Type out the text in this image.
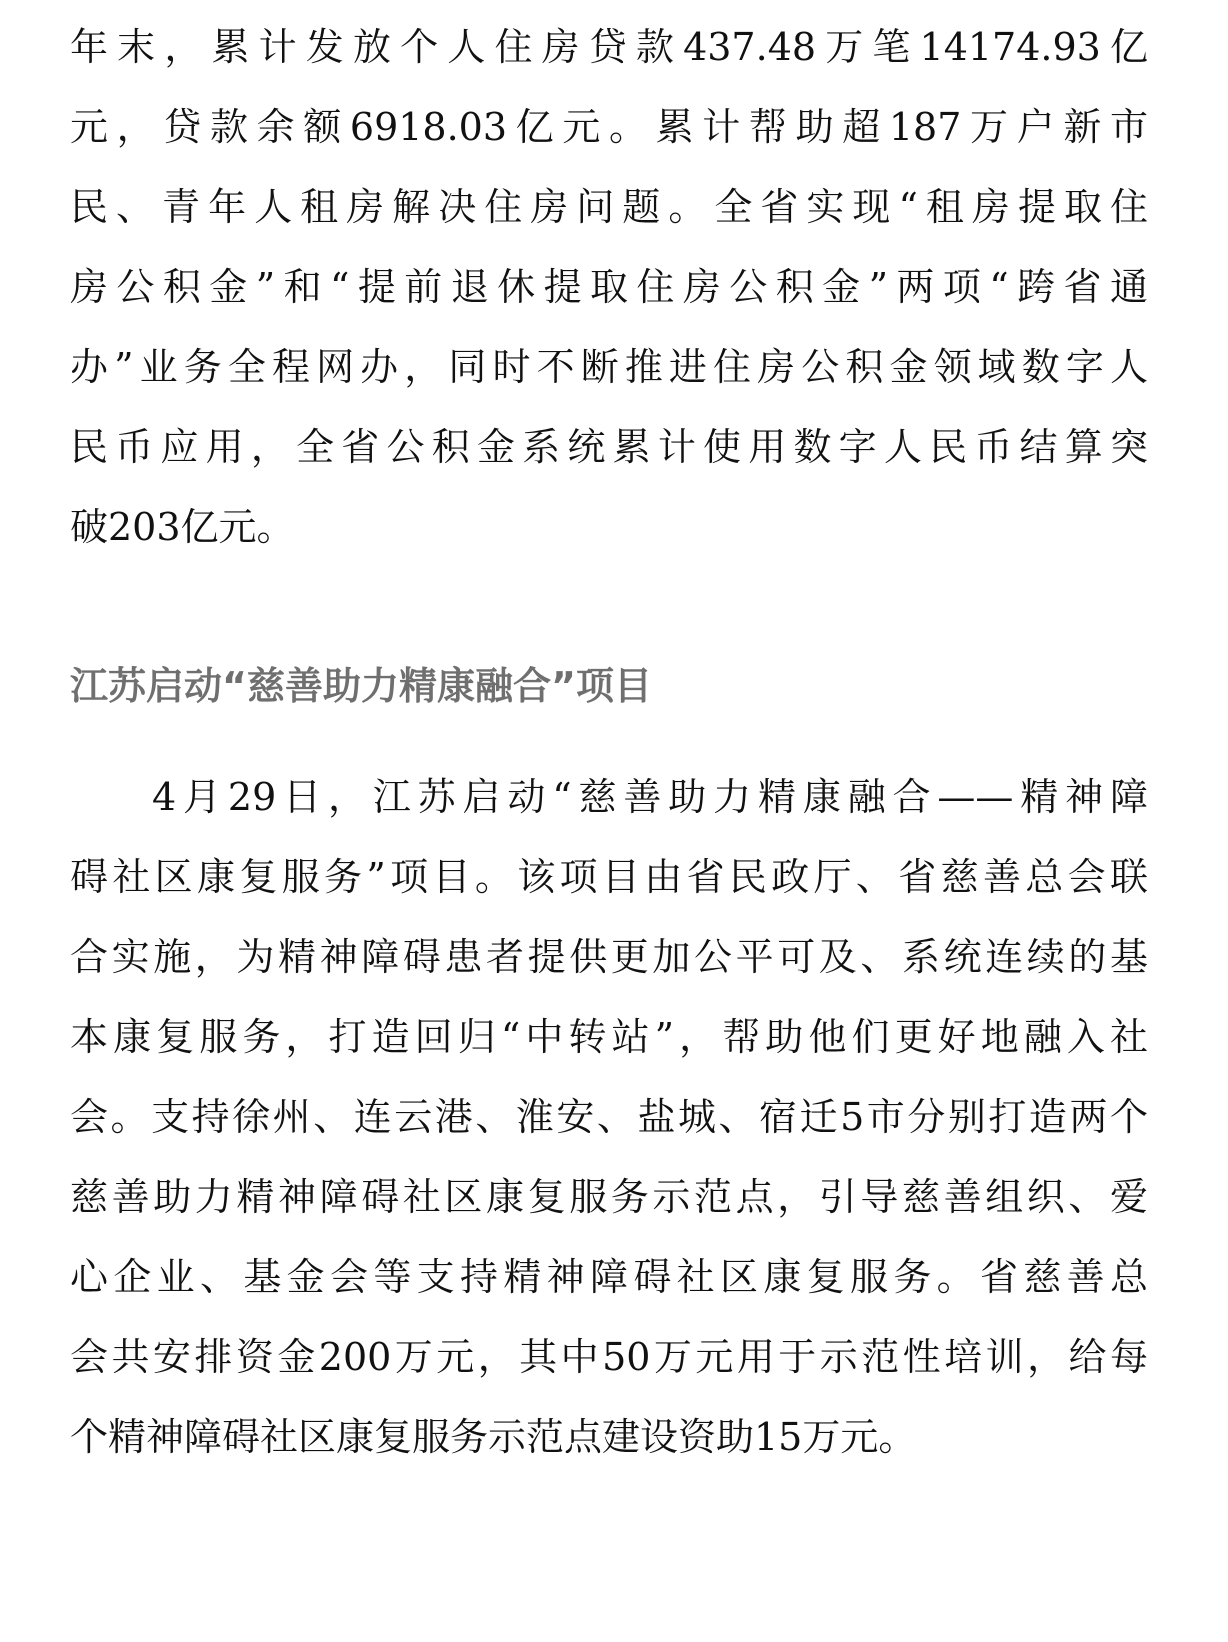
年末，累计发放个人住房贷款437.48万笔14174.93亿
元，贷款余额6918.03亿元。累计帮助超187万户新市
民、青年人租房解决住房问题。全省实现“租房提取住
房公积金”和“提前退休提取住房公积金”两项“跨省通
办”业务全程网办，同时不断推进住房公积金领域数字人
民币应用，全省公积金系统累计使用数字人民币结算突
破203亿元。
江苏启动“慈善助力精康融合”项目
4月29日，江苏启动“慈善助力精康融合——精神障
碍社区康复服务”项目。该项目由省民政厅、省慈善总会联
合实施，为精神障碍患者提供更加公平可及、系统连续的基
本康复服务，打造回归“中转站”，帮助他们更好地融入社
会。支持徐州、连云港、淮安、盐城、宿迁5市分别打造两个
慈善助力精神障碍社区康复服务示范点，引导慈善组织、爱
心企业、基金会等支持精神障碍社区康复服务。省慈善总
会共安排资金200万元，其中50万元用于示范性培训，给每
个精神障碍社区康复服务示范点建设资助15万元。
